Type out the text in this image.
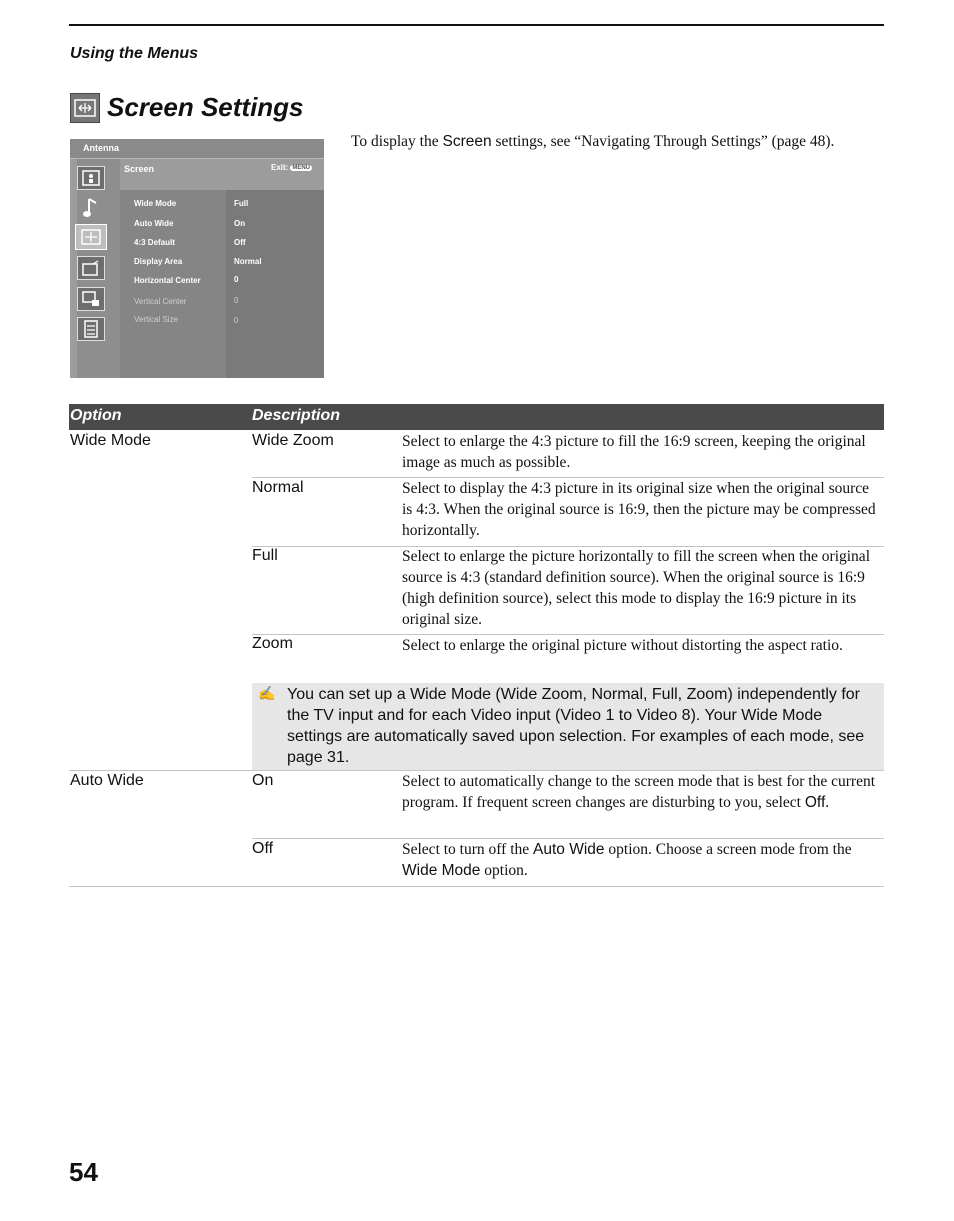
Using the Menus
Screen Settings
To display the Screen settings, see “Navigating Through Settings” (page 48).
Antenna
Screen	Exit: MENU
Wide Mode	Full
Auto Wide	On
4:3 Default	Off
Display Area	Normal
Horizontal Center	0
Vertical Center	0
Vertical Size	0
Option	Description
Wide Mode	Wide Zoom	Select to enlarge the 4:3 picture to fill the 16:9 screen, keeping the original image as much as possible.
Normal	Select to display the 4:3 picture in its original size when the original source is 4:3. When the original source is 16:9, then the picture may be compressed horizontally.
Full	Select to enlarge the picture horizontally to fill the screen when the original source is 4:3 (standard definition source). When the original source is 16:9 (high definition source), select this mode to display the 16:9 picture in its original size.
Zoom	Select to enlarge the original picture without distorting the aspect ratio.
✍ You can set up a Wide Mode (Wide Zoom, Normal, Full, Zoom) independently for the TV input and for each Video input (Video 1 to Video 8). Your Wide Mode settings are automatically saved upon selection. For examples of each mode, see page 31.
Auto Wide	On	Select to automatically change to the screen mode that is best for the current program. If frequent screen changes are disturbing to you, select Off.
Off	Select to turn off the Auto Wide option. Choose a screen mode from the Wide Mode option.
54
